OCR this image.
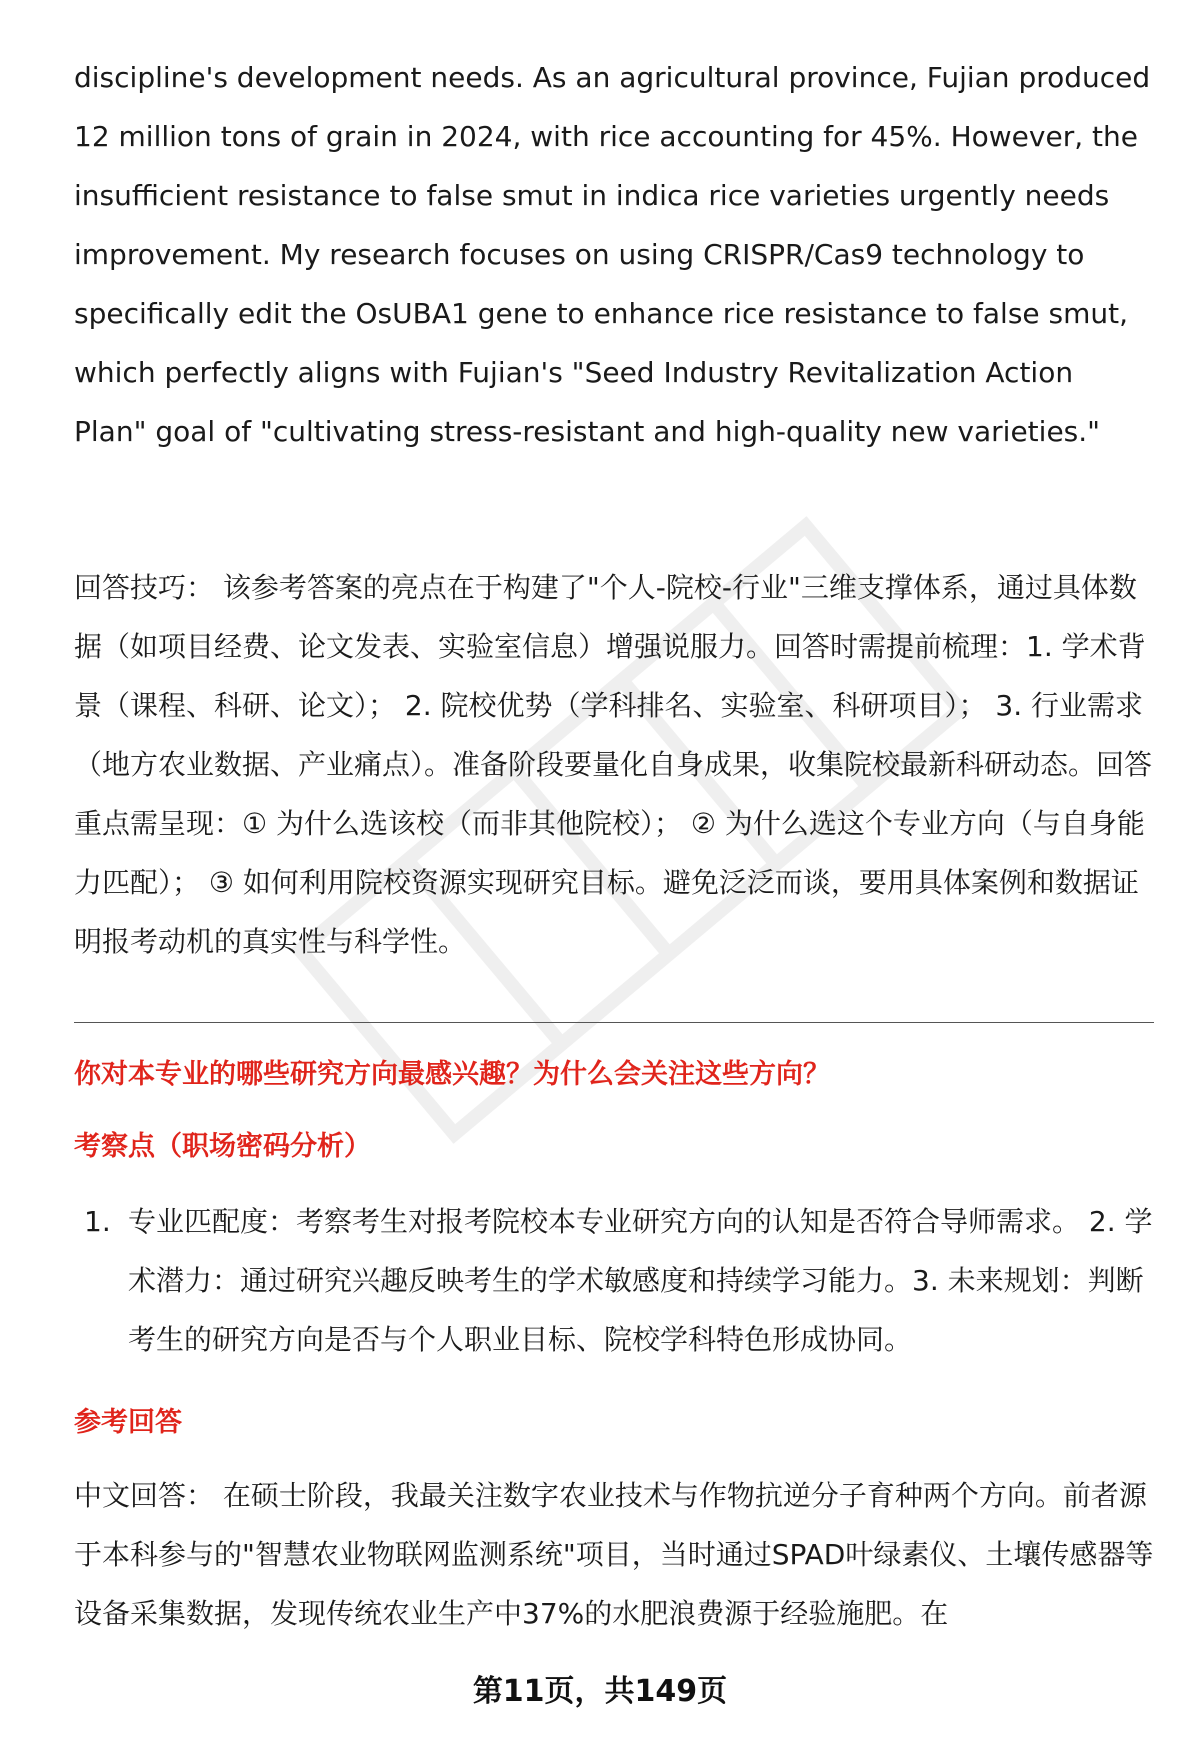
discipline's development needs. As an agricultural province, Fujian produced 12 million tons of grain in 2024, with rice accounting for 45%. However, the insufficient resistance to false smut in indica rice varieties urgently needs improvement. My research focuses on using CRISPR/Cas9 technology to specifically edit the OsUBA1 gene to enhance rice resistance to false smut, which perfectly aligns with Fujian's "Seed Industry Revitalization Action Plan" goal of "cultivating stress-resistant and high-quality new varieties."

回答技巧： 该参考答案的亮点在于构建了"个人-院校-行业"三维支撑体系，通过具体数据（如项目经费、论文发表、实验室信息）增强说服力。回答时需提前梳理：1. 学术背景（课程、科研、论文）； 2. 院校优势（学科排名、实验室、科研项目）； 3. 行业需求（地方农业数据、产业痛点）。准备阶段要量化自身成果，收集院校最新科研动态。回答重点需呈现：① 为什么选该校（而非其他院校）； ② 为什么选这个专业方向（与自身能力匹配）； ③ 如何利用院校资源实现研究目标。避免泛泛而谈，要用具体案例和数据证明报考动机的真实性与科学性。

你对本专业的哪些研究方向最感兴趣？为什么会关注这些方向？
考察点（职场密码分析）
1. 专业匹配度：考察考生对报考院校本专业研究方向的认知是否符合导师需求。 2. 学术潜力：通过研究兴趣反映考生的学术敏感度和持续学习能力。3. 未来规划：判断考生的研究方向是否与个人职业目标、院校学科特色形成协同。
参考回答

中文回答： 在硕士阶段，我最关注数字农业技术与作物抗逆分子育种两个方向。前者源于本科参与的"智慧农业物联网监测系统"项目，当时通过SPAD叶绿素仪、土壤传感器等设备采集数据，发现传统农业生产中37%的水肥浪费源于经验施肥。在

第11页，共149页
